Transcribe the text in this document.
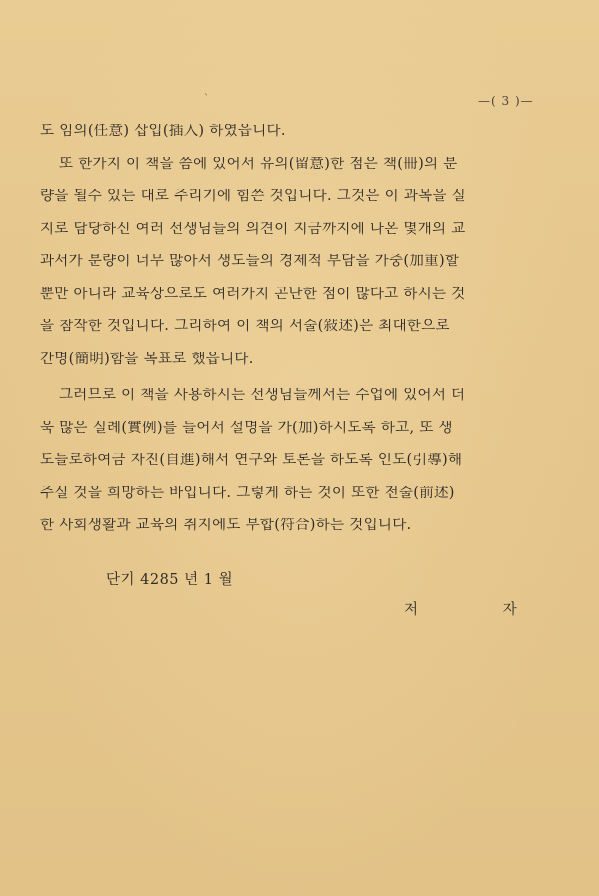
ˋ	—( 3 )—
도 임의(任意) 삽입(插入) 하였읍니다.
또 한가지 이 책을 씀에 있어서 유의(留意)한 점은 책(冊)의 분
량을 될수 있는 대로 주리기에 힘쓴 것입니다. 그것은 이 과목을 실
지로 담당하신 여러 선생님들의 의견이 지금까지에 나온 몇개의 교
과서가 분량이 너무 많아서 생도들의 경제적 부담을 가중(加重)할
뿐만 아니라 교육상으로도 여러가지 곤난한 점이 많다고 하시는 것
을 참작한 것입니다. 그리하여 이 책의 서술(敍述)은 최대한으로
간명(簡明)함을 목표로 했읍니다.
그러므로 이 책을 사용하시는 선생님들께서는 수업에 있어서 더
욱 많은 실례(實例)를 들어서 설명을 가(加)하시도록 하고, 또 생
도들로하여금 자진(自進)해서 연구와 토론을 하도록 인도(引導)해
주실 것을 희망하는 바입니다. 그렇게 하는 것이 또한 전술(前述)
한 사회생활과 교육의 취지에도 부합(符合)하는 것입니다.
단기 4285 년 1 월
저 자
